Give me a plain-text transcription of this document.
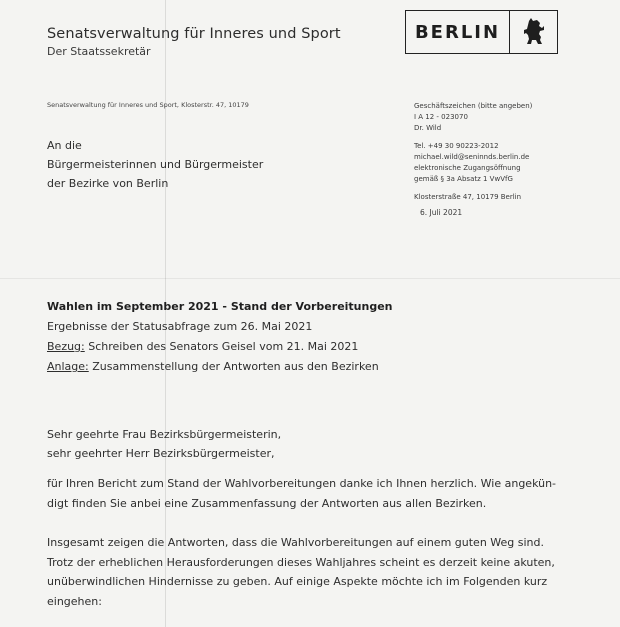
Senatsverwaltung für Inneres und Sport
Der Staatssekretär
BERLIN
Senatsverwaltung für Inneres und Sport, Klosterstr. 47, 10179
An die
Bürgermeisterinnen und Bürgermeister
der Bezirke von Berlin
Geschäftszeichen (bitte angeben)
I A 12 - 023070
Dr. Wild
Tel. +49 30 90223-2012
michael.wild@seninnds.berlin.de
elektronische Zugangsöffnung
gemäß § 3a Absatz 1 VwVfG
Klosterstraße 47, 10179 Berlin
6. Juli 2021
Wahlen im September 2021 - Stand der Vorbereitungen
Ergebnisse der Statusabfrage zum 26. Mai 2021
Bezug: Schreiben des Senators Geisel vom 21. Mai 2021
Anlage: Zusammenstellung der Antworten aus den Bezirken
Sehr geehrte Frau Bezirksbürgermeisterin,
sehr geehrter Herr Bezirksbürgermeister,
für Ihren Bericht zum Stand der Wahlvorbereitungen danke ich Ihnen herzlich. Wie angekün-
digt finden Sie anbei eine Zusammenfassung der Antworten aus allen Bezirken.
Insgesamt zeigen die Antworten, dass die Wahlvorbereitungen auf einem guten Weg sind.
Trotz der erheblichen Herausforderungen dieses Wahljahres scheint es derzeit keine akuten,
unüberwindlichen Hindernisse zu geben. Auf einige Aspekte möchte ich im Folgenden kurz
eingehen:
